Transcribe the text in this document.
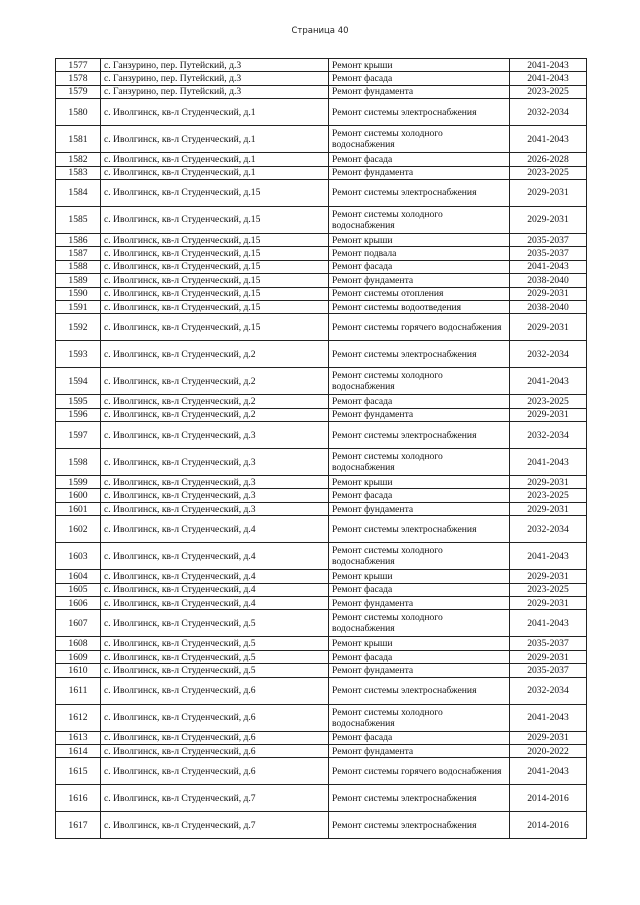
Страница 40
1577	с. Ганзурино, пер. Путейский, д.3	Ремонт крыши	2041-2043
1578	с. Ганзурино, пер. Путейский, д.3	Ремонт фасада	2041-2043
1579	с. Ганзурино, пер. Путейский, д.3	Ремонт фундамента	2023-2025
1580	с. Иволгинск, кв-л Студенческий, д.1	Ремонт системы электроснабжения	2032-2034
1581	с. Иволгинск, кв-л Студенческий, д.1	Ремонт системы холодного водоснабжения	2041-2043
1582	с. Иволгинск, кв-л Студенческий, д.1	Ремонт фасада	2026-2028
1583	с. Иволгинск, кв-л Студенческий, д.1	Ремонт фундамента	2023-2025
1584	с. Иволгинск, кв-л Студенческий, д.15	Ремонт системы электроснабжения	2029-2031
1585	с. Иволгинск, кв-л Студенческий, д.15	Ремонт системы холодного водоснабжения	2029-2031
1586	с. Иволгинск, кв-л Студенческий, д.15	Ремонт крыши	2035-2037
1587	с. Иволгинск, кв-л Студенческий, д.15	Ремонт подвала	2035-2037
1588	с. Иволгинск, кв-л Студенческий, д.15	Ремонт фасада	2041-2043
1589	с. Иволгинск, кв-л Студенческий, д.15	Ремонт фундамента	2038-2040
1590	с. Иволгинск, кв-л Студенческий, д.15	Ремонт системы отопления	2029-2031
1591	с. Иволгинск, кв-л Студенческий, д.15	Ремонт системы водоотведения	2038-2040
1592	с. Иволгинск, кв-л Студенческий, д.15	Ремонт системы горячего водоснабжения	2029-2031
1593	с. Иволгинск, кв-л Студенческий, д.2	Ремонт системы электроснабжения	2032-2034
1594	с. Иволгинск, кв-л Студенческий, д.2	Ремонт системы холодного водоснабжения	2041-2043
1595	с. Иволгинск, кв-л Студенческий, д.2	Ремонт фасада	2023-2025
1596	с. Иволгинск, кв-л Студенческий, д.2	Ремонт фундамента	2029-2031
1597	с. Иволгинск, кв-л Студенческий, д.3	Ремонт системы электроснабжения	2032-2034
1598	с. Иволгинск, кв-л Студенческий, д.3	Ремонт системы холодного водоснабжения	2041-2043
1599	с. Иволгинск, кв-л Студенческий, д.3	Ремонт крыши	2029-2031
1600	с. Иволгинск, кв-л Студенческий, д.3	Ремонт фасада	2023-2025
1601	с. Иволгинск, кв-л Студенческий, д.3	Ремонт фундамента	2029-2031
1602	с. Иволгинск, кв-л Студенческий, д.4	Ремонт системы электроснабжения	2032-2034
1603	с. Иволгинск, кв-л Студенческий, д.4	Ремонт системы холодного водоснабжения	2041-2043
1604	с. Иволгинск, кв-л Студенческий, д.4	Ремонт крыши	2029-2031
1605	с. Иволгинск, кв-л Студенческий, д.4	Ремонт фасада	2023-2025
1606	с. Иволгинск, кв-л Студенческий, д.4	Ремонт фундамента	2029-2031
1607	с. Иволгинск, кв-л Студенческий, д.5	Ремонт системы холодного водоснабжения	2041-2043
1608	с. Иволгинск, кв-л Студенческий, д.5	Ремонт крыши	2035-2037
1609	с. Иволгинск, кв-л Студенческий, д.5	Ремонт фасада	2029-2031
1610	с. Иволгинск, кв-л Студенческий, д.5	Ремонт фундамента	2035-2037
1611	с. Иволгинск, кв-л Студенческий, д.6	Ремонт системы электроснабжения	2032-2034
1612	с. Иволгинск, кв-л Студенческий, д.6	Ремонт системы холодного водоснабжения	2041-2043
1613	с. Иволгинск, кв-л Студенческий, д.6	Ремонт фасада	2029-2031
1614	с. Иволгинск, кв-л Студенческий, д.6	Ремонт фундамента	2020-2022
1615	с. Иволгинск, кв-л Студенческий, д.6	Ремонт системы горячего водоснабжения	2041-2043
1616	с. Иволгинск, кв-л Студенческий, д.7	Ремонт системы электроснабжения	2014-2016
1617	с. Иволгинск, кв-л Студенческий, д.7	Ремонт системы электроснабжения	2014-2016
